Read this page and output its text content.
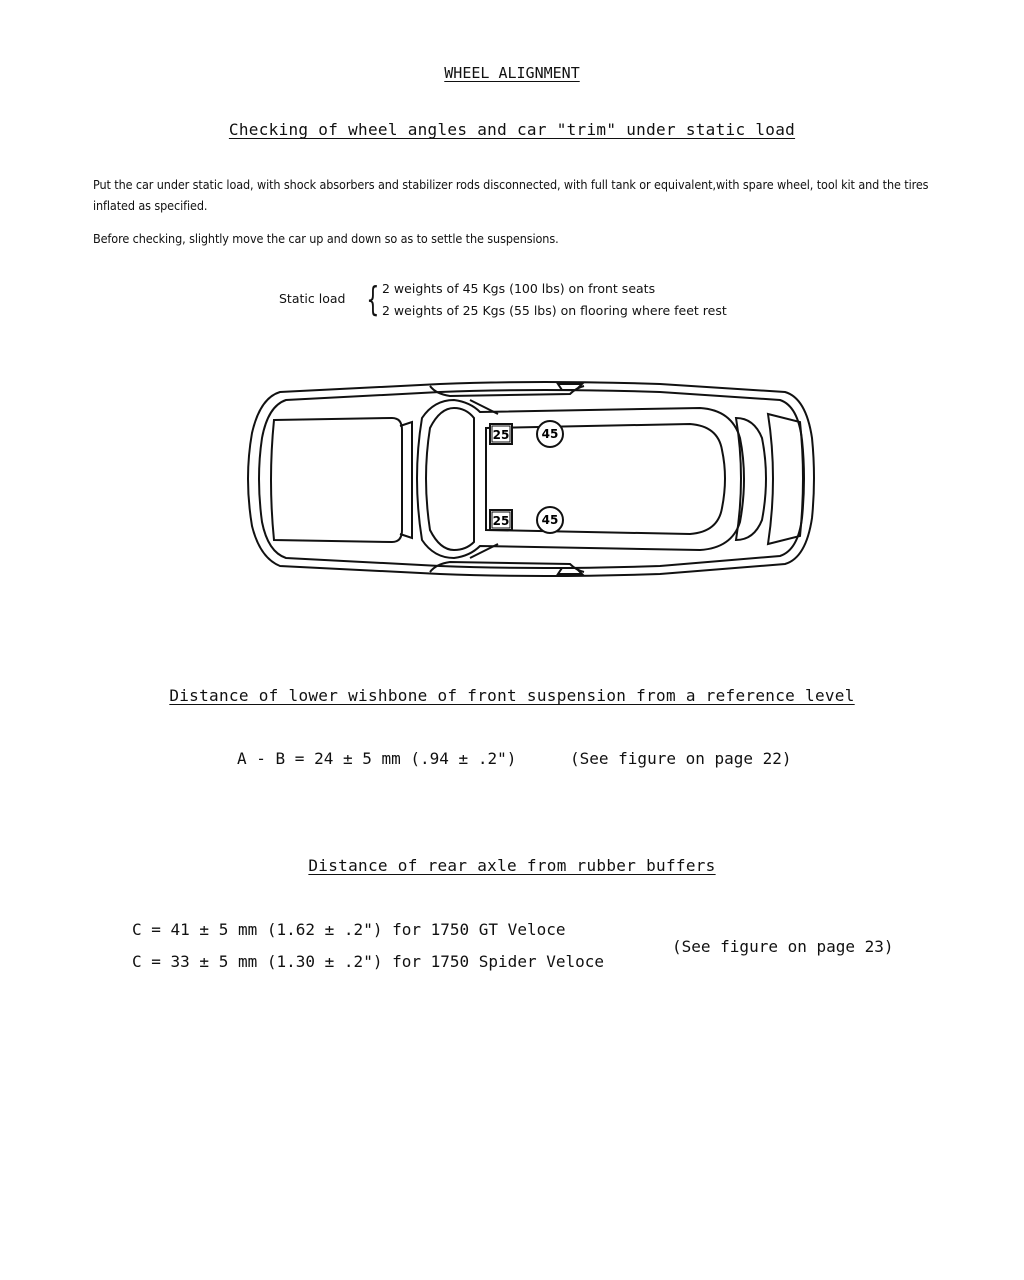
WHEEL ALIGNMENT
Checking of wheel angles and car "trim" under static load
Put the car under static load, with shock absorbers and stabilizer rods disconnected, with full tank or equivalent,with spare wheel, tool kit and the tires inflated as specified.
Before checking, slightly move the car up and down so as to settle the suspensions.
Static load { 2 weights of 45 Kgs (100 lbs) on front seats
2 weights of 25 Kgs (55 lbs) on flooring where feet rest
25	45
25	45
Distance of lower wishbone of front suspension from a reference level
A - B = 24 ± 5 mm (.94 ± .2")	(See figure on page 22)
Distance of rear axle from rubber buffers
C = 41 ± 5 mm (1.62 ± .2") for 1750 GT Veloce
C = 33 ± 5 mm (1.30 ± .2") for 1750 Spider Veloce
(See figure on page 23)
